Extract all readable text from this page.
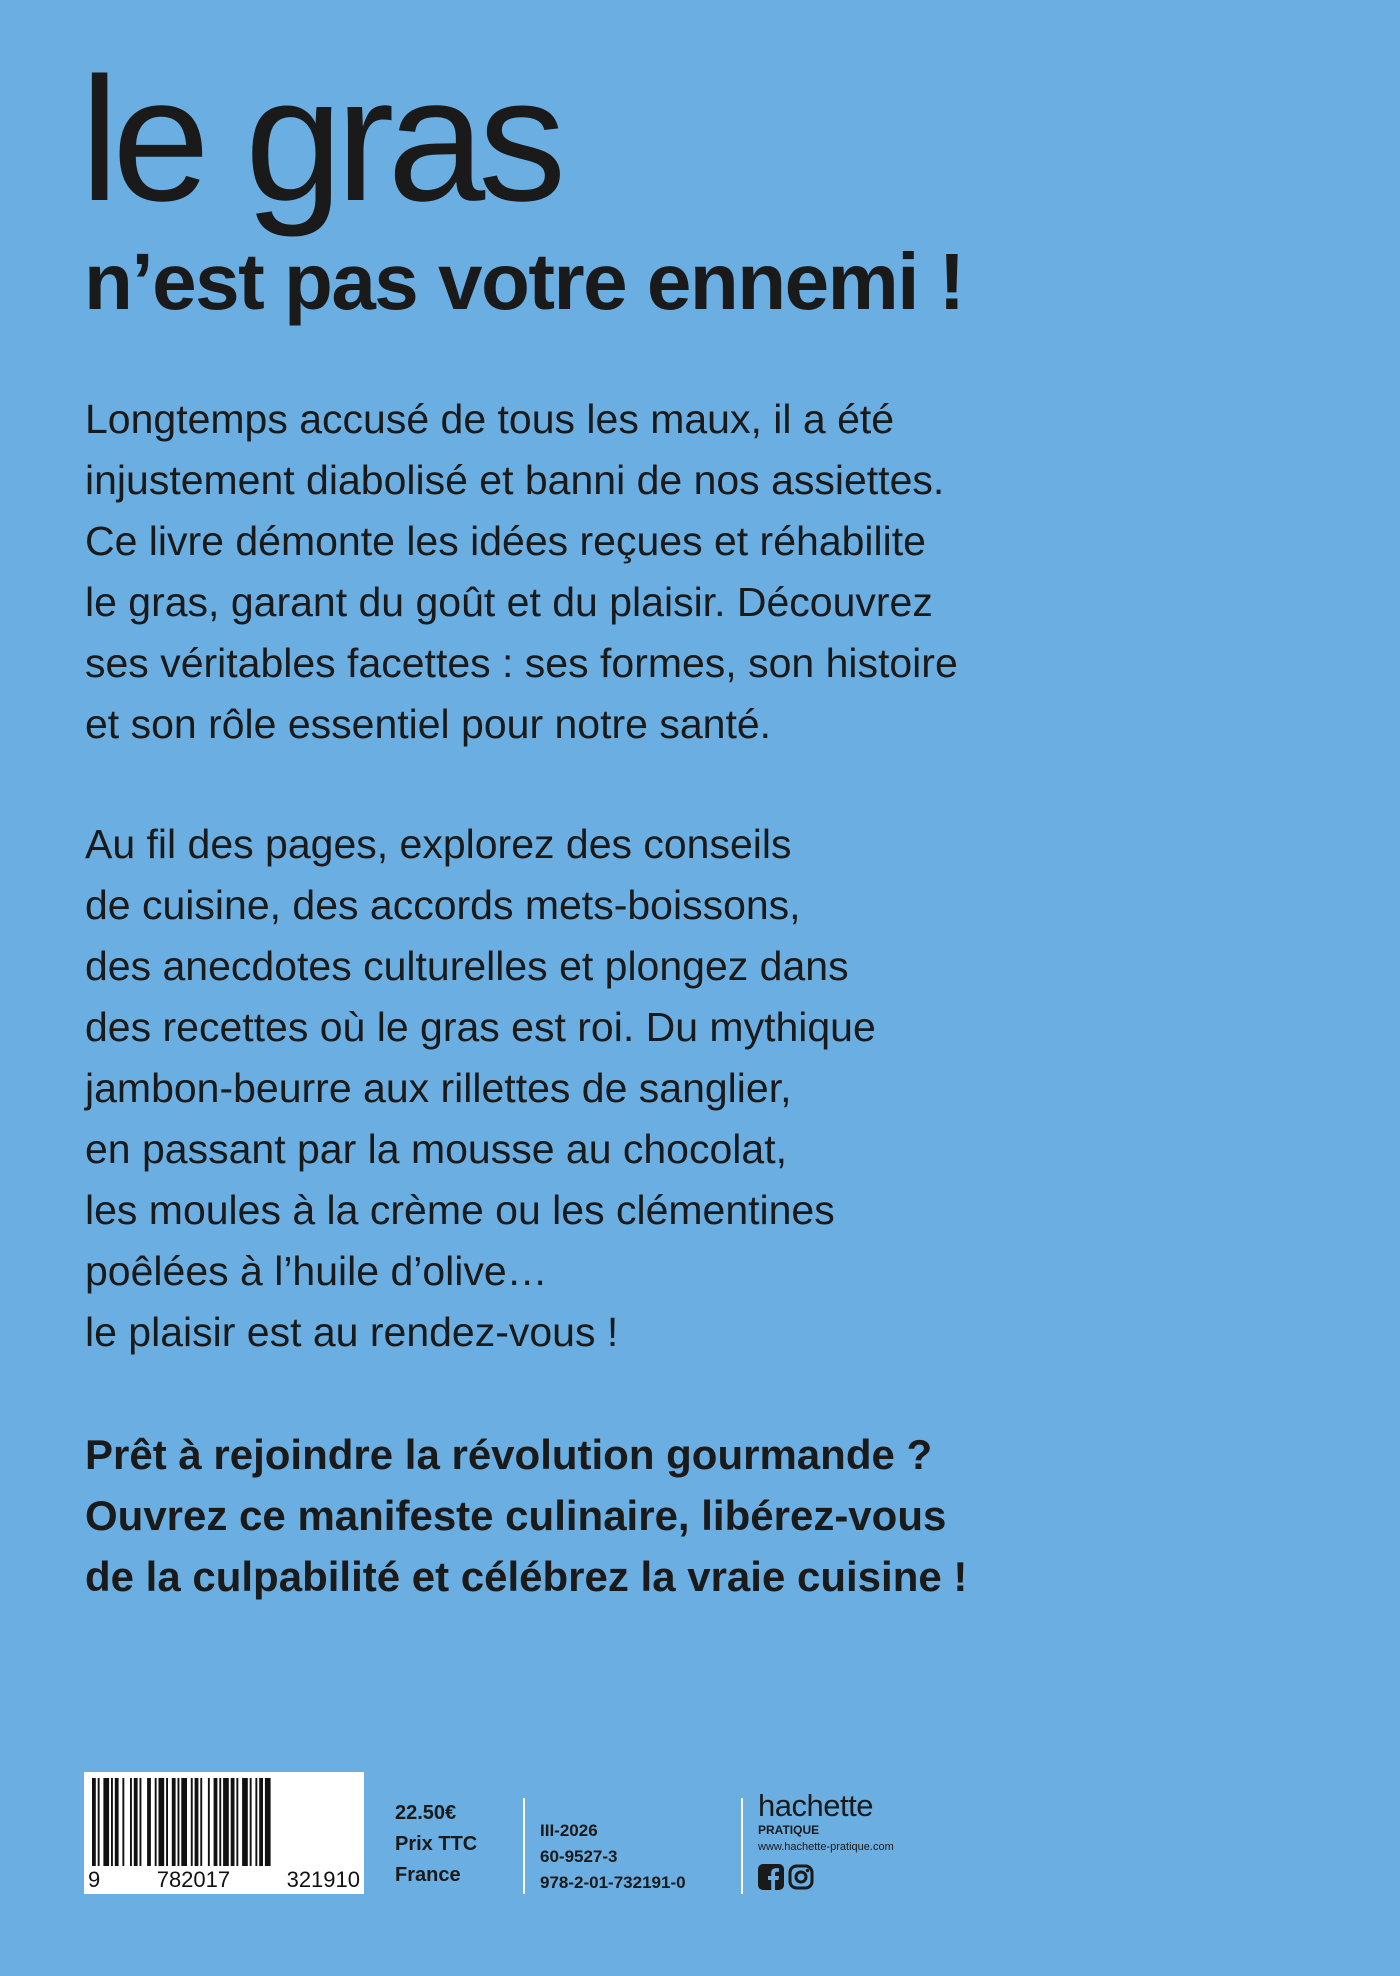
le gras
n’est pas votre ennemi !

Longtemps accusé de tous les maux, il a été
injustement diabolisé et banni de nos assiettes.
Ce livre démonte les idées reçues et réhabilite
le gras, garant du goût et du plaisir. Découvrez
ses véritables facettes : ses formes, son histoire
et son rôle essentiel pour notre santé.

Au fil des pages, explorez des conseils
de cuisine, des accords mets-boissons,
des anecdotes culturelles et plongez dans
des recettes où le gras est roi. Du mythique
jambon-beurre aux rillettes de sanglier,
en passant par la mousse au chocolat,
les moules à la crème ou les clémentines
poêlées à l’huile d’olive…
le plaisir est au rendez-vous !

Prêt à rejoindre la révolution gourmande ?
Ouvrez ce manifeste culinaire, libérez-vous
de la culpabilité et célébrez la vraie cuisine !

9	782017	321910
22.50€
Prix TTC
France
III-2026
60-9527-3
978-2-01-732191-0
hachette
PRATIQUE
www.hachette-pratique.com
